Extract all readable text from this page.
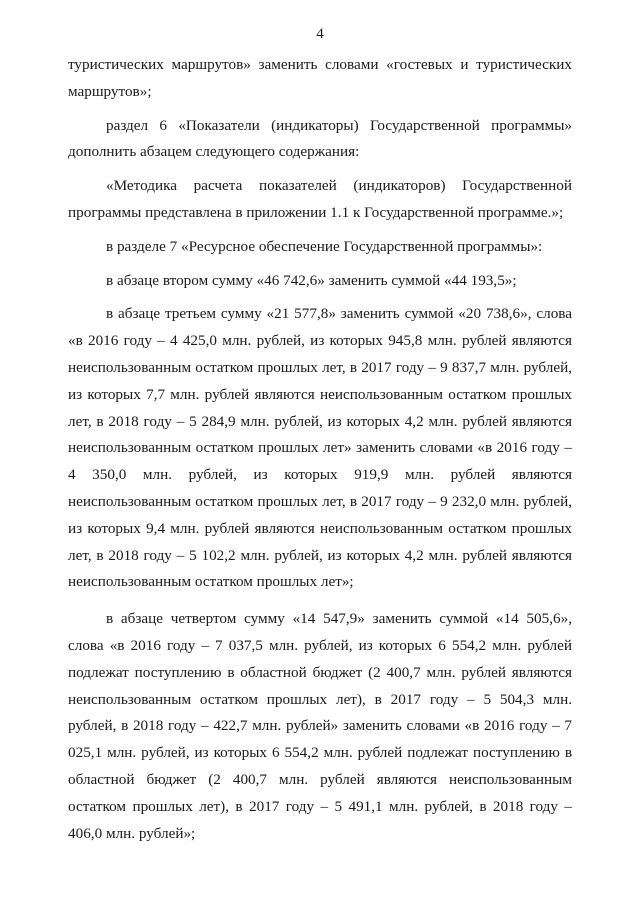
4

туристических маршрутов» заменить словами «гостевых и туристических маршрутов»;

раздел 6 «Показатели (индикаторы) Государственной программы» дополнить абзацем следующего содержания:

«Методика расчета показателей (индикаторов) Государственной программы представлена в приложении 1.1 к Государственной программе.»;

в разделе 7 «Ресурсное обеспечение Государственной программы»:

в абзаце втором сумму «46 742,6» заменить суммой «44 193,5»;

в абзаце третьем сумму «21 577,8» заменить суммой «20 738,6», слова «в 2016 году – 4 425,0 млн. рублей, из которых 945,8 млн. рублей являются неиспользованным остатком прошлых лет, в 2017 году – 9 837,7 млн. рублей, из которых 7,7 млн. рублей являются неиспользованным остатком прошлых лет, в 2018 году – 5 284,9 млн. рублей, из которых 4,2 млн. рублей являются неиспользованным остатком прошлых лет» заменить словами «в 2016 году – 4 350,0 млн. рублей, из которых 919,9 млн. рублей являются неиспользованным остатком прошлых лет, в 2017 году – 9 232,0 млн. рублей, из которых 9,4 млн. рублей являются неиспользованным остатком прошлых лет, в 2018 году – 5 102,2 млн. рублей, из которых 4,2 млн. рублей являются неиспользованным остатком прошлых лет»;

в абзаце четвертом сумму «14 547,9» заменить суммой «14 505,6», слова «в 2016 году – 7 037,5 млн. рублей, из которых 6 554,2 млн. рублей подлежат поступлению в областной бюджет (2 400,7 млн. рублей являются неиспользованным остатком прошлых лет), в 2017 году – 5 504,3 млн. рублей, в 2018 году – 422,7 млн. рублей» заменить словами «в 2016 году – 7 025,1 млн. рублей, из которых 6 554,2 млн. рублей подлежат поступлению в областной бюджет (2 400,7 млн. рублей являются неиспользованным остатком прошлых лет), в 2017 году – 5 491,1 млн. рублей, в 2018 году – 406,0 млн. рублей»;
